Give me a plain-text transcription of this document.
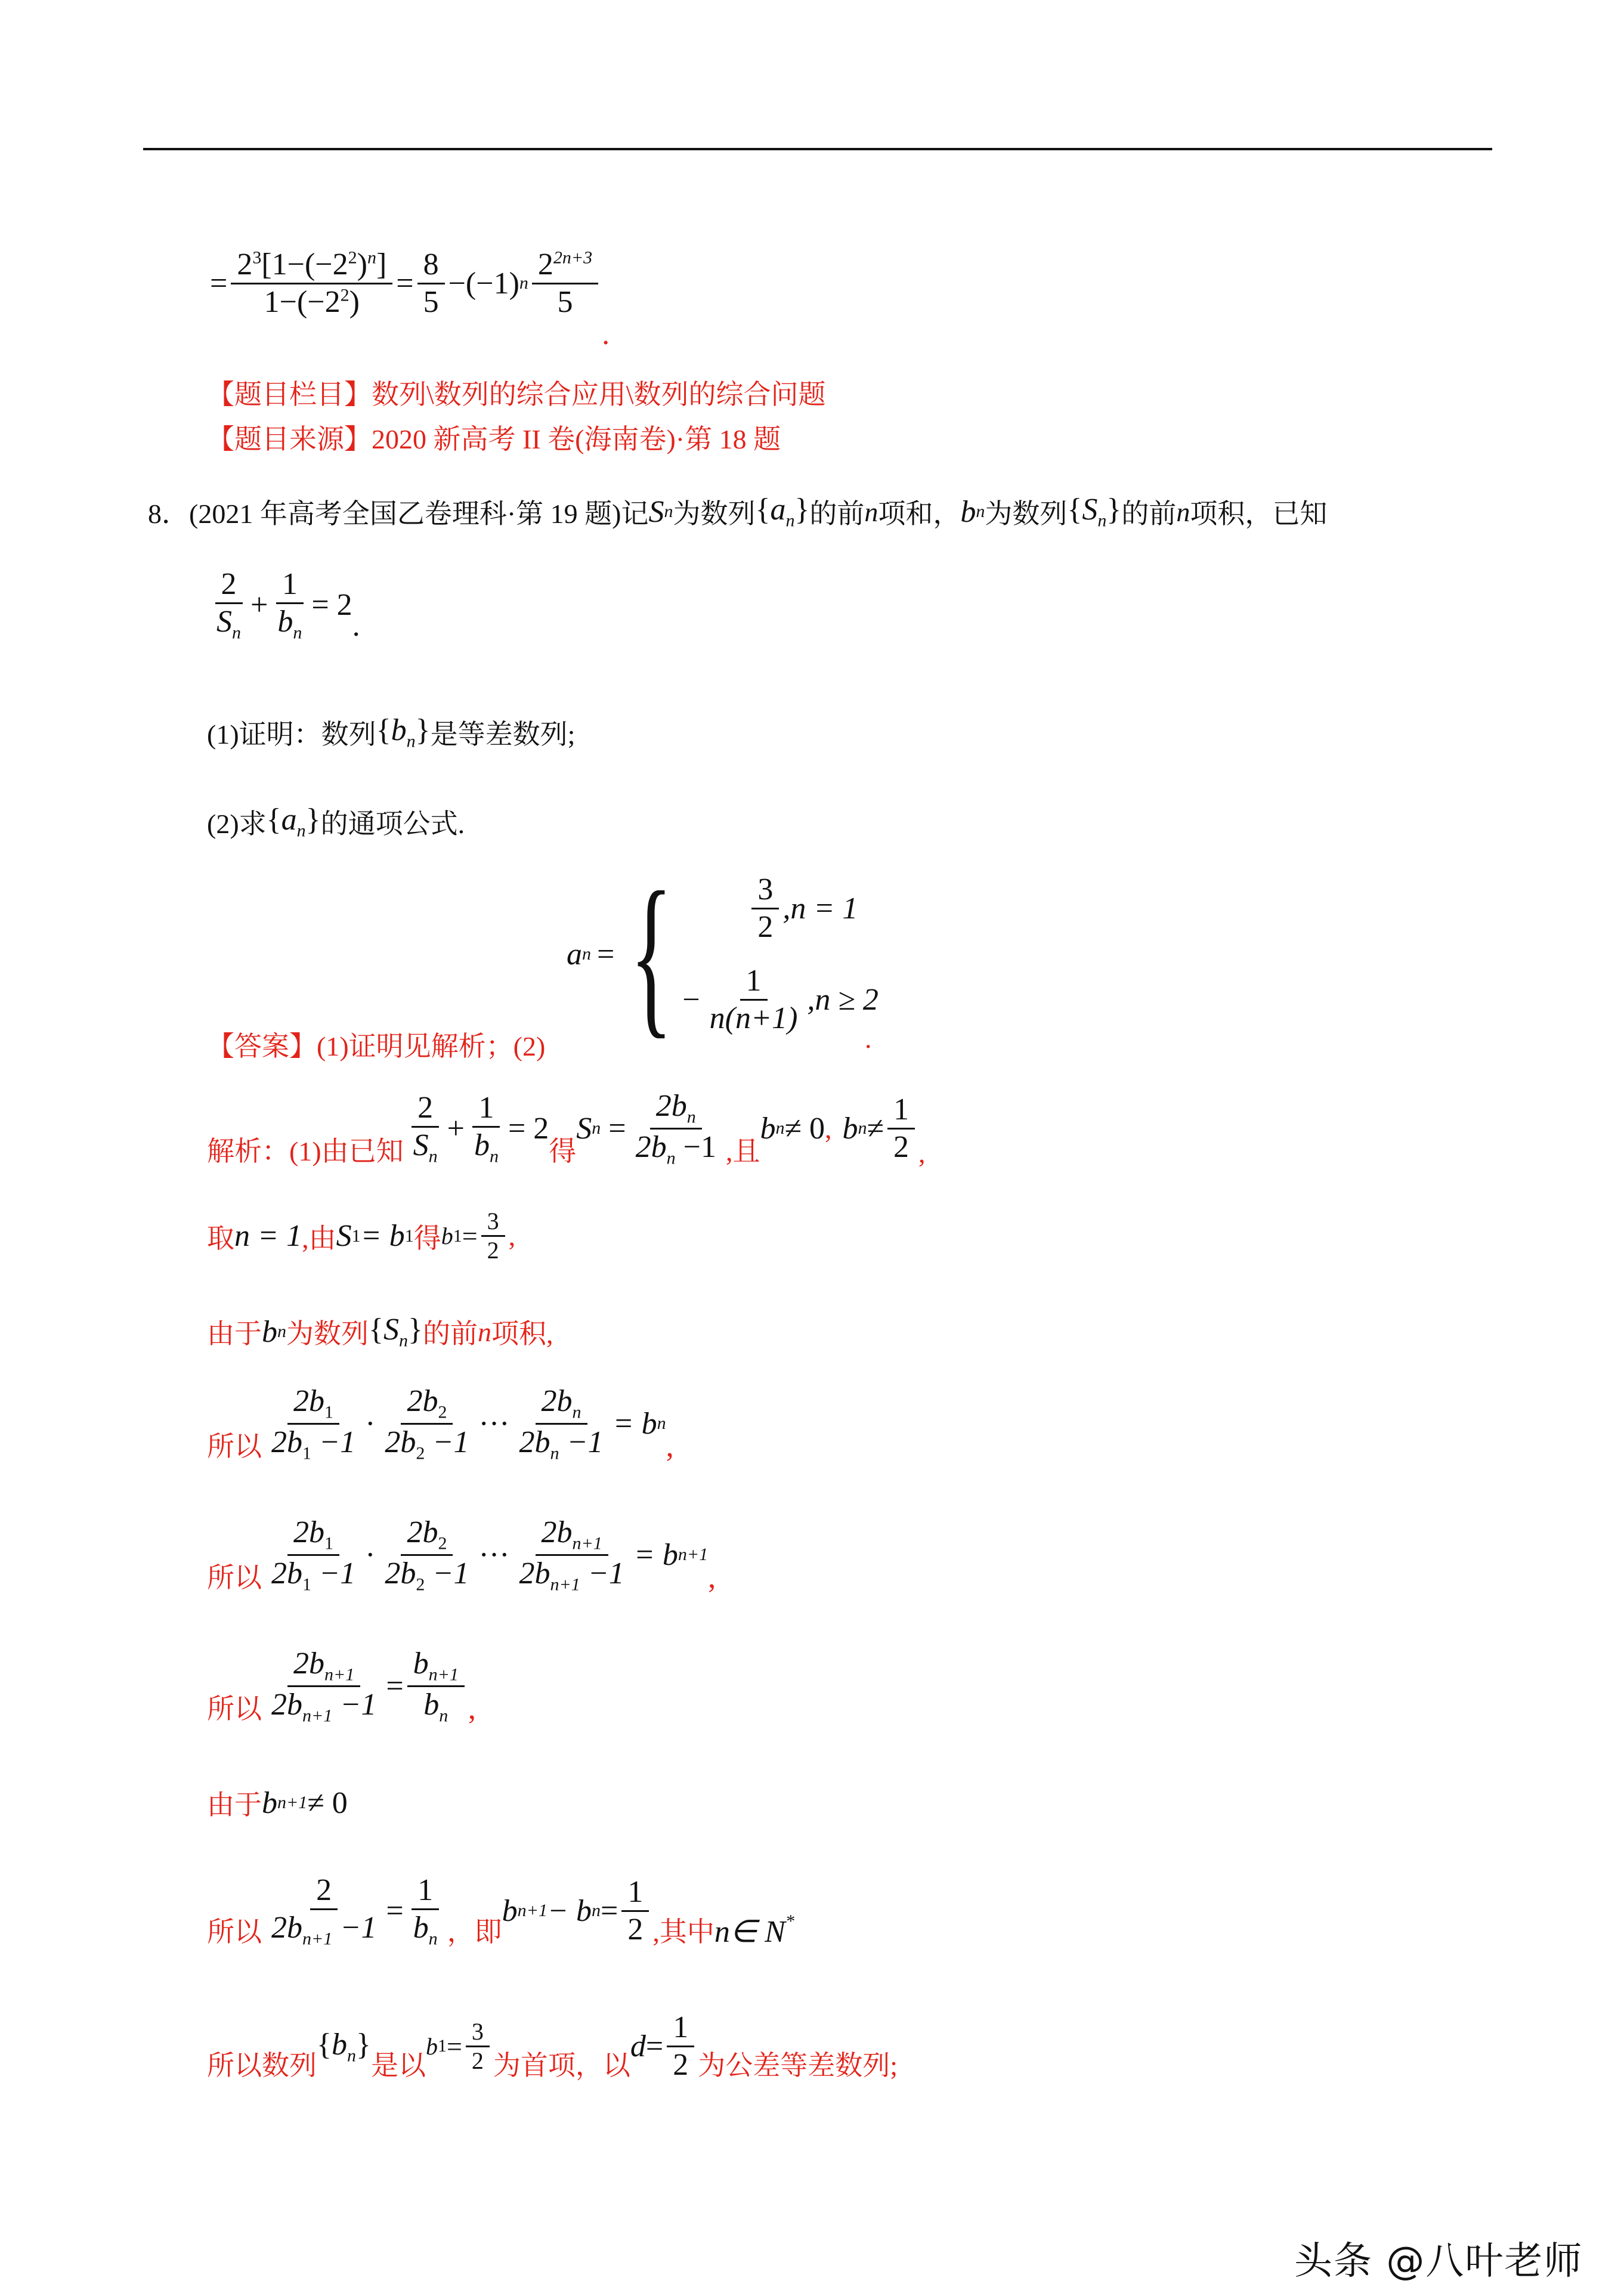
= $\frac{2^3[1-(-2^2)^n]}{1-(-2^2)} = \frac{8}{5} -(-1)$ n $\frac{2^{2n+3}}{5}$
.
【题目栏目】数列\数列的综合应用\数列的综合问题
【题目来源】2020 新高考 II 卷(海南卷)·第 18 题
8． (2021 年高考全国乙卷理科·第 19 题)记 S n 为数列 $\{a_n\}$ 的前 n 项和， b n 为数列 $\{S_n\}$ 的前 n 项积，已知
$\frac{2}{S_n} + \frac{1}{b_n} = 2$
.
(1)证明：数列 $\{b_n\}$ 是等差数列;
(2)求 $\{a_n\}$ 的通项公式.
a n = {	$\frac{3}{2} ,n = 1$
− $\frac{1}{n(n+1)} ,n \ge 2$
【答案】 (1)证明见解析；(2)	.
解析：(1)由已知 $\frac{2}{S_n} + \frac{1}{b_n} = 2$
得
S $n = \frac{2b_n}{2b_n -1}$ ,且
b n ≠ 0 , b $n \ne \frac{1}{2}$ ,
取 n = 1 ,由 S 1 = b 1 得 b $1 = \frac{3}{2}$ ,
由于 b n 为数列 $\{S_n\}$ 的前 n 项积,
所以 $\frac{2b_1}{2b_1 -1} \cdot \frac{2b_2}{2b_2 -1}$ ··· $\frac{2b_n}{2b_n -1} = b$ n
,
所以 $\frac{2b_1}{2b_1 -1} \cdot \frac{2b_2}{2b_2 -1}$ ··· $\frac{2b_{n+1}}{2b_{n+1} -1} = b$ n+1
,
所以 $\frac{2b_{n+1}}{2b_{n+1} -1} = \frac{b_{n+1}}{b_n}$ ,
由于 b n+1 ≠ 0
所以 $\frac{2}{2b_{n+1} -1} = \frac{1}{b_n}$ ，即
b n+1 − b $n = \frac{1}{2}$ ,其中 n ∈ N*
所以数列
$\{b_n\}$
是以
b $1 = \frac{3}{2}$ 为首项，以
$d = \frac{1}{2}$ 为公差等差数列;
头条 @八叶老师
